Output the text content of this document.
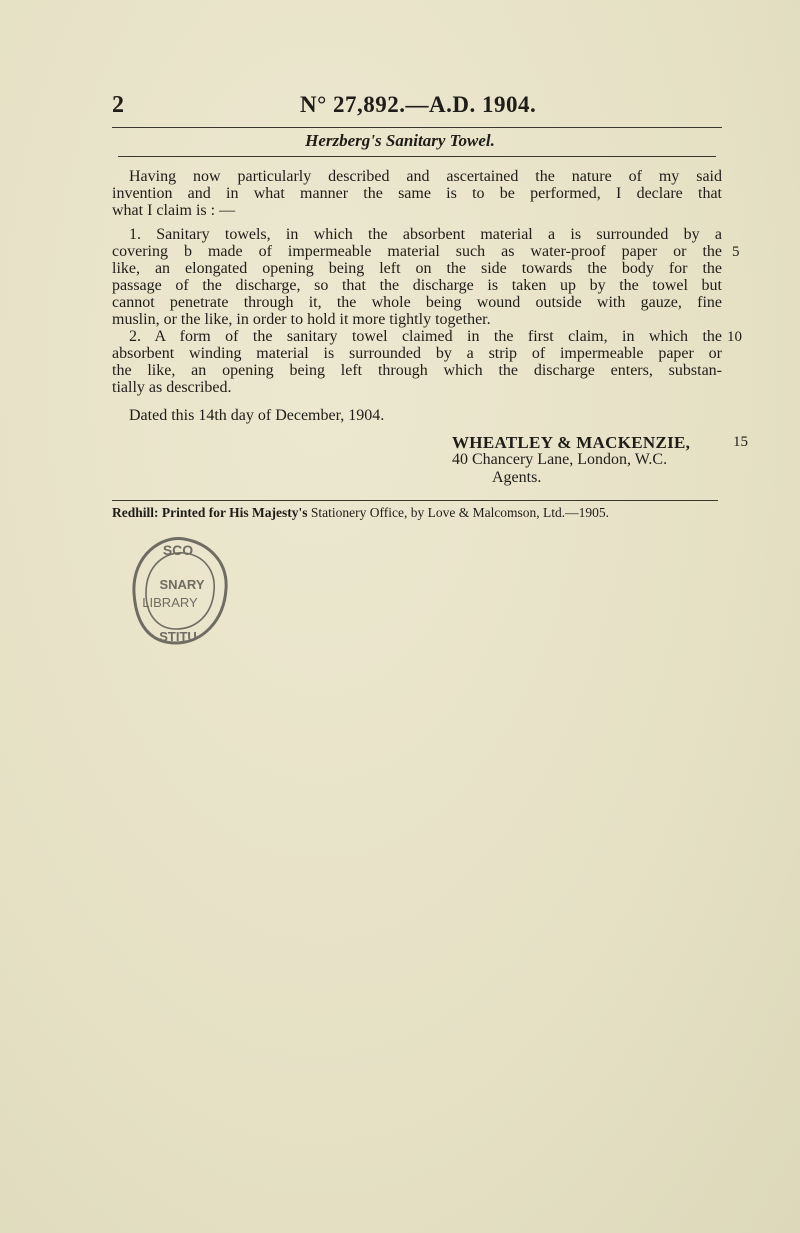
2	N° 27,892.—A.D. 1904.
Herzberg's Sanitary Towel.
Having now particularly described and ascertained the nature of my said
invention and in what manner the same is to be performed, I declare that
what I claim is : —
1. Sanitary towels, in which the absorbent material a is surrounded by a
covering b made of impermeable material such as water-proof paper or the
like, an elongated opening being left on the side towards the body for the
passage of the discharge, so that the discharge is taken up by the towel but
cannot penetrate through it, the whole being wound outside with gauze, fine
muslin, or the like, in order to hold it more tightly together.
2. A form of the sanitary towel claimed in the first claim, in which the
absorbent winding material is surrounded by a strip of impermeable paper or
the like, an opening being left through which the discharge enters, substan-
tially as described.
Dated this 14th day of December, 1904.
5
10
15
WHEATLEY & MACKENZIE,
40 Chancery Lane, London, W.C.
Agents.
Redhill: Printed for His Majesty's Stationery Office, by Love & Malcomson, Ltd.—1905.
SCO
SNARY
LIBRARY
STITU
